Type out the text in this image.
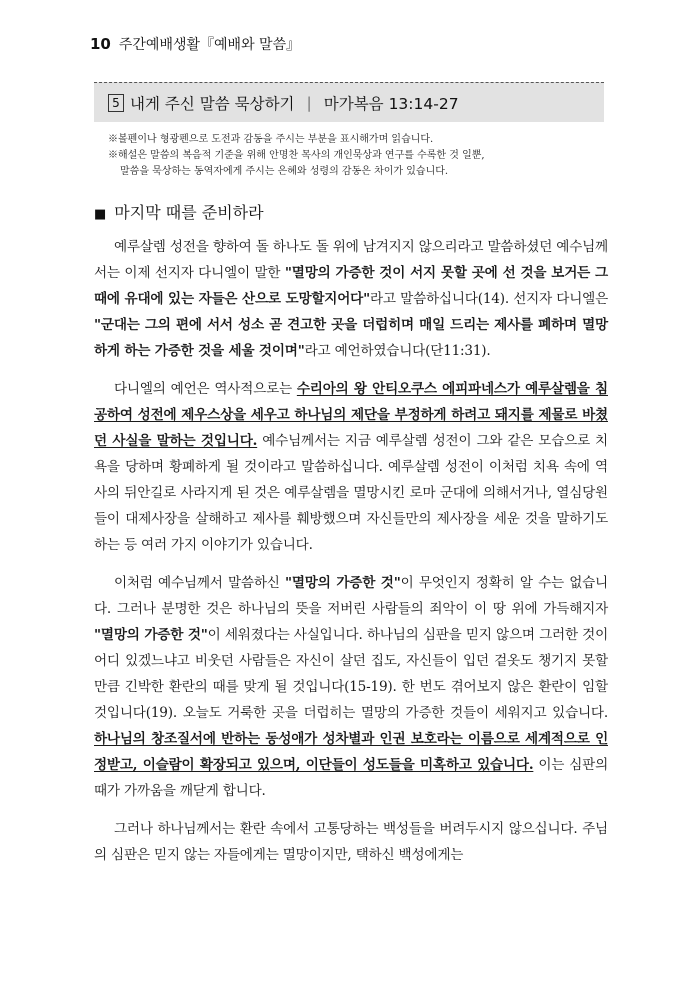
10 주간예배생활『예배와 말씀』
5 내게 주신 말씀 묵상하기 | 마가복음 13:14-27
※볼펜이나 형광펜으로 도전과 감동을 주시는 부분을 표시해가며 읽습니다.
※해설은 말씀의 복음적 기준을 위해 안명찬 목사의 개인묵상과 연구를 수록한 것 일뿐,
말씀을 묵상하는 동역자에게 주시는 은혜와 성령의 감동은 차이가 있습니다.
■ 마지막 때를 준비하라

예루살렘 성전을 향하여 돌 하나도 돌 위에 남겨지지 않으리라고 말씀하셨던 예수님께서는 이제 선지자 다니엘이 말한 "멸망의 가증한 것이 서지 못할 곳에 선 것을 보거든 그 때에 유대에 있는 자들은 산으로 도망할지어다"라고 말씀하십니다(14). 선지자 다니엘은 "군대는 그의 편에 서서 성소 곧 견고한 곳을 더럽히며 매일 드리는 제사를 폐하며 멸망하게 하는 가증한 것을 세울 것이며"라고 예언하였습니다(단11:31).

다니엘의 예언은 역사적으로는 수리아의 왕 안티오쿠스 에피파네스가 예루살렘을 침공하여 성전에 제우스상을 세우고 하나님의 제단을 부정하게 하려고 돼지를 제물로 바쳤던 사실을 말하는 것입니다. 예수님께서는 지금 예루살렘 성전이 그와 같은 모습으로 치욕을 당하며 황폐하게 될 것이라고 말씀하십니다. 예루살렘 성전이 이처럼 치욕 속에 역사의 뒤안길로 사라지게 된 것은 예루살렘을 멸망시킨 로마 군대에 의해서거나, 열심당원들이 대제사장을 살해하고 제사를 훼방했으며 자신들만의 제사장을 세운 것을 말하기도 하는 등 여러 가지 이야기가 있습니다.

이처럼 예수님께서 말씀하신 "멸망의 가증한 것"이 무엇인지 정확히 알 수는 없습니다. 그러나 분명한 것은 하나님의 뜻을 저버린 사람들의 죄악이 이 땅 위에 가득해지자 "멸망의 가증한 것"이 세워졌다는 사실입니다. 하나님의 심판을 믿지 않으며 그러한 것이 어디 있겠느냐고 비웃던 사람들은 자신이 살던 집도, 자신들이 입던 겉옷도 챙기지 못할 만큼 긴박한 환란의 때를 맞게 될 것입니다(15-19). 한 번도 겪어보지 않은 환란이 임할 것입니다(19). 오늘도 거룩한 곳을 더럽히는 멸망의 가증한 것들이 세워지고 있습니다. 하나님의 창조질서에 반하는 동성애가 성차별과 인권 보호라는 이름으로 세계적으로 인정받고, 이슬람이 확장되고 있으며, 이단들이 성도들을 미혹하고 있습니다. 이는 심판의 때가 가까움을 깨닫게 합니다.

그러나 하나님께서는 환란 속에서 고통당하는 백성들을 버려두시지 않으십니다. 주님의 심판은 믿지 않는 자들에게는 멸망이지만, 택하신 백성에게는
